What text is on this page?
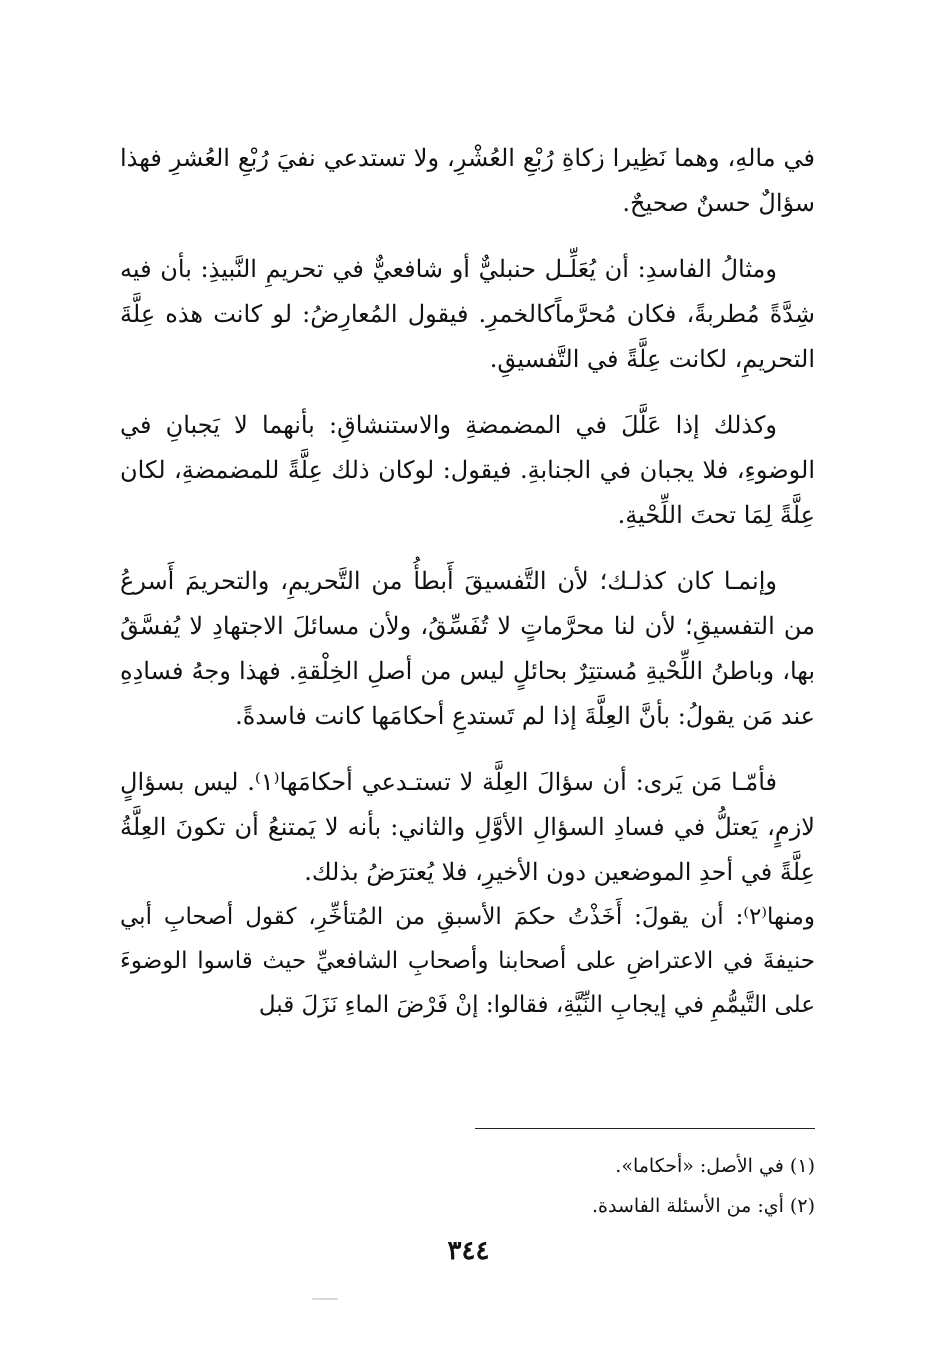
في مالهِ، وهما نَظِيرا زكاةِ رُبْعِ العُشْرِ، ولا تستدعي نفيَ رُبْعِ العُشرِ فهذا سؤالٌ حسنٌ صحيحٌ.

ومثالُ الفاسدِ: أن يُعَلِّـل حنبليٌّ أو شافعيٌّ في تحريمِ النَّبيذِ: بأن فيه شِدَّةً مُطربةً، فكان مُحرَّماًكالخمرِ. فيقول المُعارِضُ: لو كانت هذه عِلَّةَ التحريمِ، لكانت عِلَّةً في التَّفسيقِ.

وكذلك إذا عَلَّلَ في المضمضةِ والاستنشاقِ: بأنهما لا يَجبانِ في الوضوءِ، فلا يجبان في الجنابةِ. فيقول: لوكان ذلك عِلَّةً للمضمضةِ، لكان عِلَّةً لِمَا تحتَ اللِّحْيةِ.

وإنمـا كان كذلـك؛ لأن التَّفسيقَ أَبطأُ من التَّحريمِ، والتحريمَ أَسرعُ من التفسيقِ؛ لأن لنا محرَّماتٍ لا تُفَسِّقُ، ولأن مسائلَ الاجتهادِ لا يُفسَّقُ بها، وباطنُ اللِّحْيةِ مُستتِرٌ بحائلٍ ليس من أصلِ الخِلْقةِ. فهذا وجهُ فسادِهِ عند مَن يقولُ: بأنَّ العِلَّةَ إذا لم تَستدعِ أحكامَها كانت فاسدةً.

فأمّـا مَن يَرى: أن سؤالَ العِلَّة لا تستـدعي أحكامَها⁽١⁾. ليس بسؤالٍ لازمٍ، يَعتلُّ في فسادِ السؤالِ الأوَّلِ والثاني: بأنه لا يَمتنعُ أن تكونَ العِلَّةُ عِلَّةً في أحدِ الموضعين دون الأخيرِ، فلا يُعترَضُ بذلك.

ومنها⁽٢⁾: أن يقولَ: أَخَذْتُ حكمَ الأسبقِ من المُتأخِّرِ، كقول أصحابِ أبي حنيفةَ في الاعتراضِ على أصحابنا وأصحابِ الشافعيِّ حيث قاسوا الوضوءَ على التَّيمُّمِ في إيجابِ النِّيَّةِ، فقالوا: إنْ فَرْضَ الماءِ نَزَلَ قبل

(١) في الأصل: «أحكاما».

(٢) أي: من الأسئلة الفاسدة.

٣٤٤
